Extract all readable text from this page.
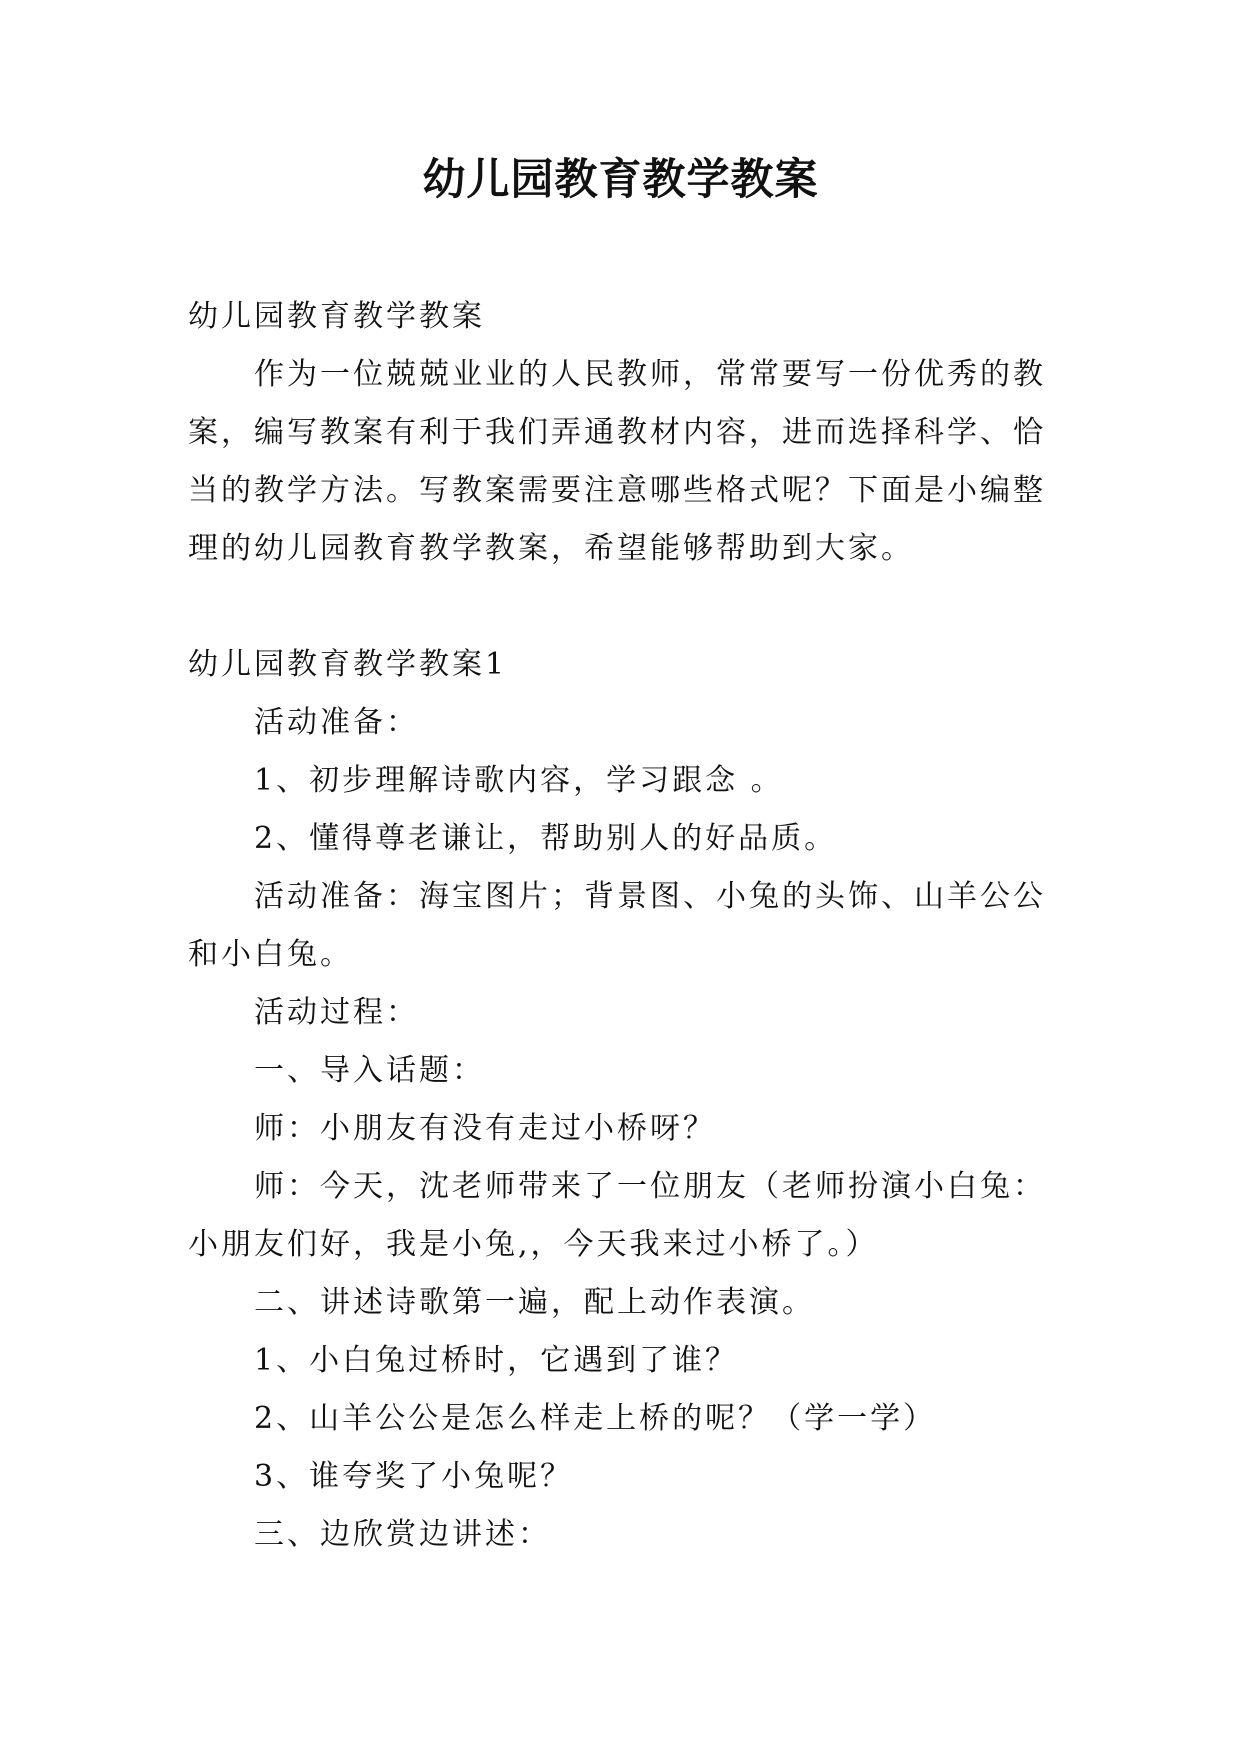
幼儿园教育教学教案

幼儿园教育教学教案

作为一位兢兢业业的人民教师，常常要写一份优秀的教案，编写教案有利于我们弄通教材内容，进而选择科学、恰当的教学方法。写教案需要注意哪些格式呢？下面是小编整理的幼儿园教育教学教案，希望能够帮助到大家。

幼儿园教育教学教案1

活动准备：

1、初步理解诗歌内容，学习跟念 。

2、懂得尊老谦让，帮助别人的好品质。

活动准备：海宝图片；背景图、小兔的头饰、山羊公公和小白兔。

活动过程：

一、导入话题：

师：小朋友有没有走过小桥呀？

师：今天，沈老师带来了一位朋友（老师扮演小白兔：小朋友们好，我是小兔,，今天我来过小桥了。）

二、讲述诗歌第一遍，配上动作表演。

1、小白兔过桥时，它遇到了谁？

2、山羊公公是怎么样走上桥的呢？（学一学）

3、谁夸奖了小兔呢？

三、边欣赏边讲述：
